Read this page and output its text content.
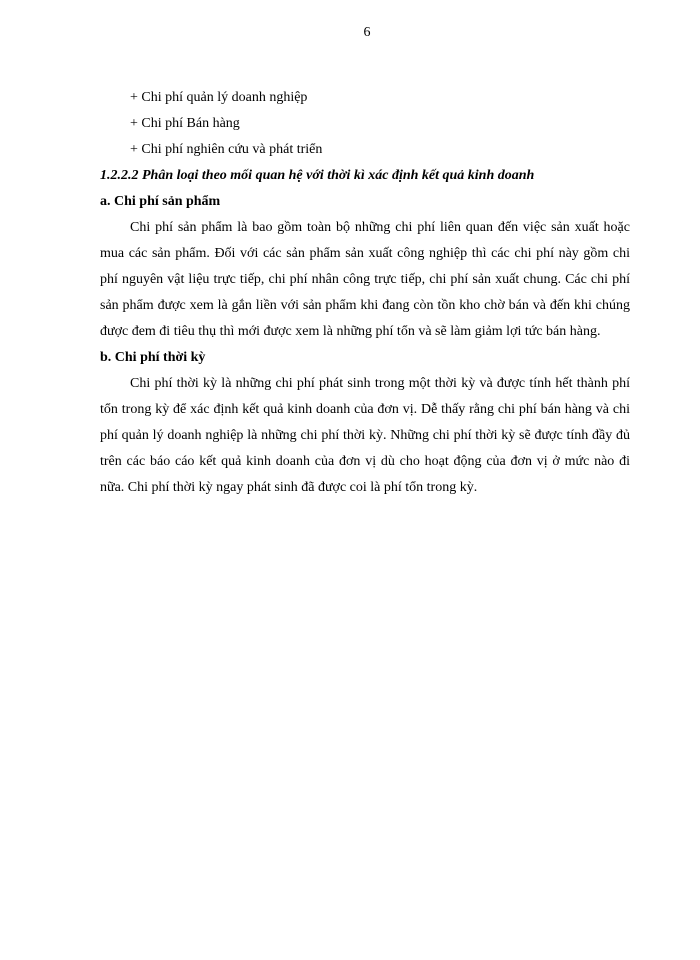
6

+ Chi phí quản lý doanh nghiệp

+ Chi phí Bán hàng

+ Chi phí nghiên cứu và phát triển

1.2.2.2 Phân loại theo mối quan hệ với thời kì xác định kết quả kinh doanh

a. Chi phí sản phẩm

Chi phí sản phẩm là bao gồm toàn bộ những chi phí liên quan đến việc sản xuất hoặc mua các sản phẩm. Đối với các sản phẩm sản xuất công nghiệp thì các chi phí này gồm chi phí nguyên vật liệu trực tiếp, chi phí nhân công trực tiếp, chi phí sản xuất chung. Các chi phí sản phẩm được xem là gắn liền với sản phẩm khi đang còn tồn kho chờ bán và đến khi chúng được đem đi tiêu thụ thì mới được xem là những phí tổn và sẽ làm giảm lợi tức bán hàng.

b. Chi phí thời kỳ

Chi phí thời kỳ là những chi phí phát sinh trong một thời kỳ và được tính hết thành phí tổn trong kỳ để xác định kết quả kinh doanh của đơn vị. Dễ thấy rằng chi phí bán hàng và chi phí quản lý doanh nghiệp là những chi phí thời kỳ. Những chi phí thời kỳ sẽ được tính đầy đủ trên các báo cáo kết quả kinh doanh của đơn vị dù cho hoạt động của đơn vị ở mức nào đi nữa. Chi phí thời kỳ ngay phát sinh đã được coi là phí tổn trong kỳ.
